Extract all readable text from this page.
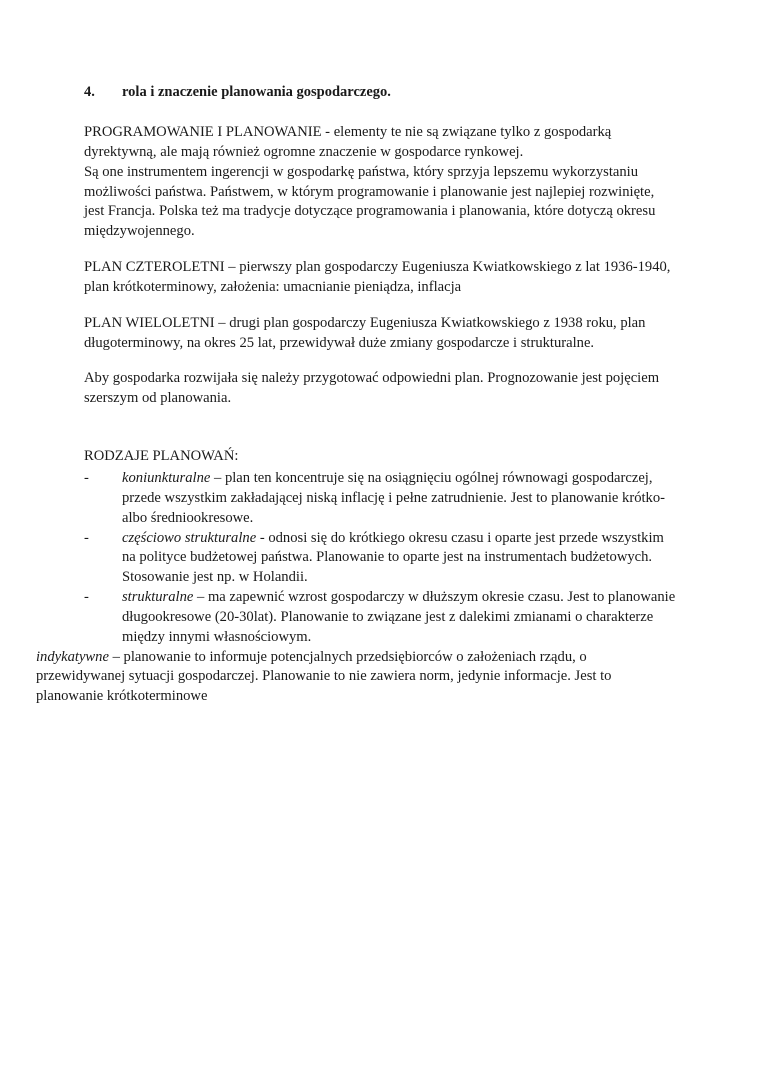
4.	rola i znaczenie planowania gospodarczego.

PROGRAMOWANIE I PLANOWANIE - elementy te nie są związane tylko z gospodarką dyrektywną, ale mają również ogromne znaczenie w gospodarce rynkowej.

Są one instrumentem ingerencji w gospodarkę państwa, który sprzyja lepszemu wykorzystaniu możliwości państwa. Państwem, w którym programowanie i planowanie jest najlepiej rozwinięte, jest Francja. Polska też ma tradycje dotyczące programowania i planowania, które dotyczą okresu międzywojennego.

PLAN CZTEROLETNI – pierwszy plan gospodarczy Eugeniusza Kwiatkowskiego z lat 1936-1940, plan krótkoterminowy, założenia: umacnianie pieniądza, inflacja

PLAN WIELOLETNI – drugi plan gospodarczy Eugeniusza Kwiatkowskiego z 1938 roku, plan długoterminowy, na okres 25 lat, przewidywał duże zmiany gospodarcze i strukturalne.

Aby gospodarka rozwijała się należy przygotować odpowiedni plan. Prognozowanie jest pojęciem szerszym od planowania.

RODZAJE PLANOWAŃ:

-	koniunkturalne – plan ten koncentruje się na osiągnięciu ogólnej równowagi gospodarczej, przede wszystkim zakładającej niską inflację i pełne zatrudnienie. Jest to planowanie krótko- albo średniookresowe.
-	częściowo strukturalne - odnosi się do krótkiego okresu czasu i oparte jest przede wszystkim na polityce budżetowej państwa. Planowanie to oparte jest na instrumentach budżetowych. Stosowanie jest np. w Holandii.
-	strukturalne – ma zapewnić wzrost gospodarczy w dłuższym okresie czasu. Jest to planowanie długookresowe (20-30lat). Planowanie to związane jest z dalekimi zmianami o charakterze między innymi własnościowym.

indykatywne – planowanie to informuje potencjalnych przedsiębiorców o założeniach rządu, o przewidywanej sytuacji gospodarczej. Planowanie to nie zawiera norm, jedynie informacje. Jest to planowanie krótkoterminowe
